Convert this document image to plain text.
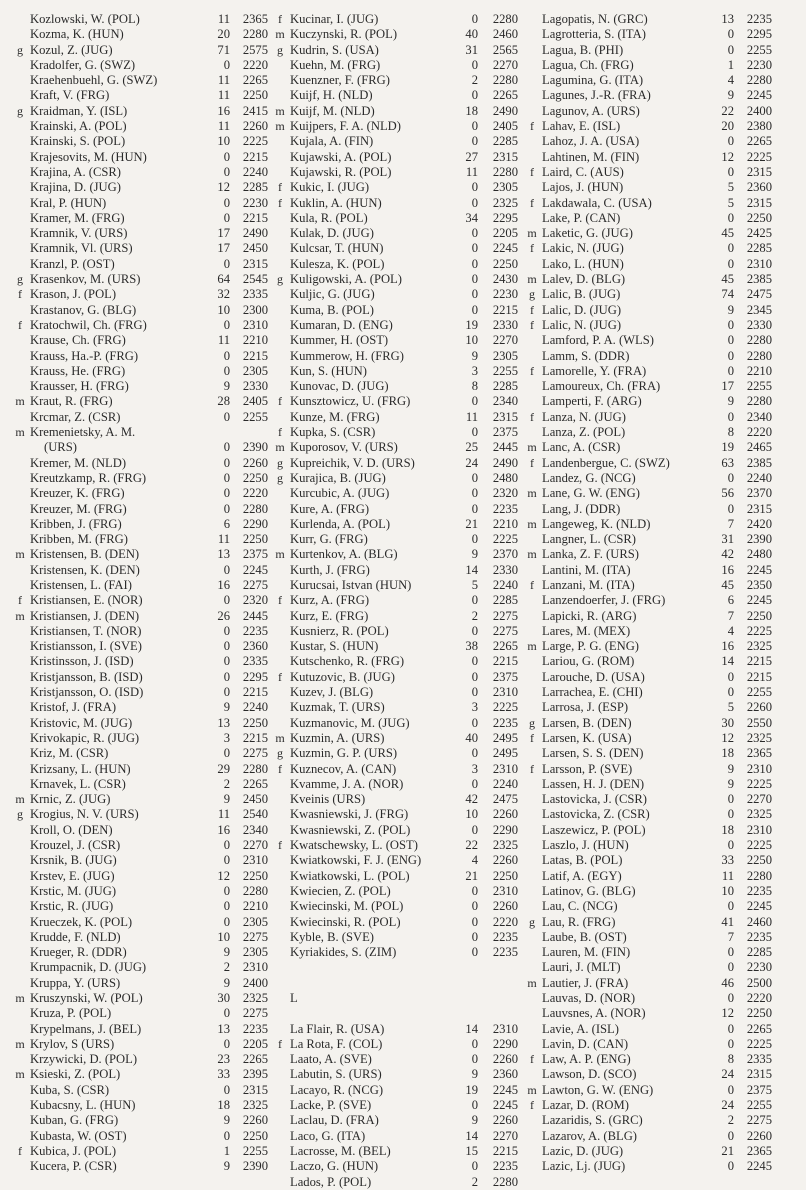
Kozlowski, W. (POL)	11	2365
Kozma, K. (HUN)	20	2280
g Kozul, Z. (JUG)	71	2575
Kradolfer, G. (SWZ)	0	2220
Kraehenbuehl, G. (SWZ)	11	2265
Kraft, V. (FRG)	11	2250
g Kraidman, Y. (ISL)	16	2415
Krainski, A. (POL)	11	2260
Krainski, S. (POL)	10	2225
Krajesovits, M. (HUN)	0	2215
Krajina, A. (CSR)	0	2240
Krajina, D. (JUG)	12	2285
Kral, P. (HUN)	0	2230
Kramer, M. (FRG)	0	2215
Kramnik, V. (URS)	17	2490
Kramnik, Vl. (URS)	17	2450
Kranzl, P. (OST)	0	2315
g Krasenkov, M. (URS)	64	2545
f Krason, J. (POL)	32	2335
Krastanov, G. (BLG)	10	2300
f Kratochwil, Ch. (FRG)	0	2310
Krause, Ch. (FRG)	11	2210
Krauss, Ha.-P. (FRG)	0	2215
Krauss, He. (FRG)	0	2305
Krausser, H. (FRG)	9	2330
m Kraut, R. (FRG)	28	2405
Krcmar, Z. (CSR)	0	2255
m Kremenietsky, A. M.
(URS)	0	2390
Kremer, M. (NLD)	0	2260
Kreutzkamp, R. (FRG)	0	2250
Kreuzer, K. (FRG)	0	2220
Kreuzer, M. (FRG)	0	2280
Kribben, J. (FRG)	6	2290
Kribben, M. (FRG)	11	2250
m Kristensen, B. (DEN)	13	2375
Kristensen, K. (DEN)	0	2245
Kristensen, L. (FAI)	16	2275
f Kristiansen, E. (NOR)	0	2320
m Kristiansen, J. (DEN)	26	2445
Kristiansen, T. (NOR)	0	2235
Kristiansson, I. (SVE)	0	2360
Kristinsson, J. (ISD)	0	2335
Kristjansson, B. (ISD)	0	2295
Kristjansson, O. (ISD)	0	2215
Kristof, J. (FRA)	9	2240
Kristovic, M. (JUG)	13	2250
Krivokapic, R. (JUG)	3	2215
Kriz, M. (CSR)	0	2275
Krizsany, L. (HUN)	29	2280
Krnavek, L. (CSR)	2	2265
m Krnic, Z. (JUG)	9	2450
g Krogius, N. V. (URS)	11	2540
Kroll, O. (DEN)	16	2340
Krouzel, J. (CSR)	0	2270
Krsnik, B. (JUG)	0	2310
Krstev, E. (JUG)	12	2250
Krstic, M. (JUG)	0	2280
Krstic, R. (JUG)	0	2210
Krueczek, K. (POL)	0	2305
Krudde, F. (NLD)	10	2275
Krueger, R. (DDR)	9	2305
Krumpacnik, D. (JUG)	2	2310
Kruppa, Y. (URS)	9	2400
m Kruszynski, W. (POL)	30	2325
Kruza, P. (POL)	0	2275
Krypelmans, J. (BEL)	13	2235
m Krylov, S (URS)	0	2205
Krzywicki, D. (POL)	23	2265
m Ksieski, Z. (POL)	33	2395
Kuba, S. (CSR)	0	2315
Kubacsny, L. (HUN)	18	2325
Kuban, G. (FRG)	9	2260
Kubasta, W. (OST)	0	2250
f Kubica, J. (POL)	1	2255
Kucera, P. (CSR)	9	2390
f Kucinar, I. (JUG)	0	2280
m Kuczynski, R. (POL)	40	2460
g Kudrin, S. (USA)	31	2565
Kuehn, M. (FRG)	0	2270
Kuenzner, F. (FRG)	2	2280
Kuijf, H. (NLD)	0	2265
m Kuijf, M. (NLD)	18	2490
m Kuijpers, F. A. (NLD)	0	2405
Kujala, A. (FIN)	0	2285
Kujawski, A. (POL)	27	2315
Kujawski, R. (POL)	11	2280
f Kukic, I. (JUG)	0	2305
f Kuklin, A. (HUN)	0	2325
Kula, R. (POL)	34	2295
Kulak, D. (JUG)	0	2205
Kulcsar, T. (HUN)	0	2245
Kulesza, K. (POL)	0	2250
g Kuligowski, A. (POL)	0	2430
Kuljic, G. (JUG)	0	2230
Kuma, B. (POL)	0	2215
Kumaran, D. (ENG)	19	2330
Kummer, H. (OST)	10	2270
Kummerow, H. (FRG)	9	2305
Kun, S. (HUN)	3	2255
Kunovac, D. (JUG)	8	2285
f Kunsztowicz, U. (FRG)	0	2340
Kunze, M. (FRG)	11	2315
f Kupka, S. (CSR)	0	2375
m Kuporosov, V. (URS)	25	2445
g Kupreichik, V. D. (URS)	24	2490
g Kurajica, B. (JUG)	0	2480
Kurcubic, A. (JUG)	0	2320
Kure, A. (FRG)	0	2235
Kurlenda, A. (POL)	21	2210
Kurr, G. (FRG)	0	2225
m Kurtenkov, A. (BLG)	9	2370
Kurth, J. (FRG)	14	2330
Kurucsai, Istvan (HUN)	5	2240
f Kurz, A. (FRG)	0	2285
Kurz, E. (FRG)	2	2275
Kusnierz, R. (POL)	0	2275
Kustar, S. (HUN)	38	2265
Kutschenko, R. (FRG)	0	2215
f Kutuzovic, B. (JUG)	0	2375
Kuzev, J. (BLG)	0	2310
Kuzmak, T. (URS)	3	2225
Kuzmanovic, M. (JUG)	0	2235
m Kuzmin, A. (URS)	40	2495
g Kuzmin, G. P. (URS)	0	2495
f Kuznecov, A. (CAN)	3	2310
Kvamme, J. A. (NOR)	0	2240
Kveinis (URS)	42	2475
Kwasniewski, J. (FRG)	10	2260
Kwasniewski, Z. (POL)	0	2290
f Kwatschewsky, L. (OST)	22	2325
Kwiatkowski, F. J. (ENG)	4	2260
Kwiatkowski, L. (POL)	21	2250
Kwiecien, Z. (POL)	0	2310
Kwiecinski, M. (POL)	0	2260
Kwiecinski, R. (POL)	0	2220
Kyble, B. (SVE)	0	2235
Kyriakides, S. (ZIM)	0	2235
L
La Flair, R. (USA)	14	2310
f La Rota, F. (COL)	0	2290
Laato, A. (SVE)	0	2260
Labutin, S. (URS)	9	2360
Lacayo, R. (NCG)	19	2245
Lacke, P. (SVE)	0	2245
Laclau, D. (FRA)	9	2260
Laco, G. (ITA)	14	2270
Lacrosse, M. (BEL)	15	2215
Laczo, G. (HUN)	0	2235
Lados, P. (POL)	2	2280
Lagopatis, N. (GRC)	13	2235
Lagrotteria, S. (ITA)	0	2295
Lagua, B. (PHI)	0	2255
Lagua, Ch. (FRG)	1	2230
Lagumina, G. (ITA)	4	2280
Lagunes, J.-R. (FRA)	9	2245
Lagunov, A. (URS)	22	2400
f Lahav, E. (ISL)	20	2380
Lahoz, J. A. (USA)	0	2265
Lahtinen, M. (FIN)	12	2225
f Laird, C. (AUS)	0	2315
Lajos, J. (HUN)	5	2360
f Lakdawala, C. (USA)	5	2315
Lake, P. (CAN)	0	2250
m Laketic, G. (JUG)	45	2425
f Lakic, N. (JUG)	0	2285
Lako, L. (HUN)	0	2310
m Lalev, D. (BLG)	45	2385
g Lalic, B. (JUG)	74	2475
f Lalic, D. (JUG)	9	2345
f Lalic, N. (JUG)	0	2330
Lamford, P. A. (WLS)	0	2280
Lamm, S. (DDR)	0	2280
f Lamorelle, Y. (FRA)	0	2210
Lamoureux, Ch. (FRA)	17	2255
Lamperti, F. (ARG)	9	2280
f Lanza, N. (JUG)	0	2340
Lanza, Z. (POL)	8	2220
m Lanc, A. (CSR)	19	2465
f Landenbergue, C. (SWZ)	63	2385
Landez, G. (NCG)	0	2240
m Lane, G. W. (ENG)	56	2370
Lang, J. (DDR)	0	2315
m Langeweg, K. (NLD)	7	2420
Langner, L. (CSR)	31	2390
m Lanka, Z. F. (URS)	42	2480
Lantini, M. (ITA)	16	2245
f Lanzani, M. (ITA)	45	2350
Lanzendoerfer, J. (FRG)	6	2245
Lapicki, R. (ARG)	7	2250
Lares, M. (MEX)	4	2225
m Large, P. G. (ENG)	16	2325
Lariou, G. (ROM)	14	2215
Larouche, D. (USA)	0	2215
Larrachea, E. (CHI)	0	2255
Larrosa, J. (ESP)	5	2260
g Larsen, B. (DEN)	30	2550
f Larsen, K. (USA)	12	2325
Larsen, S. S. (DEN)	18	2365
f Larsson, P. (SVE)	9	2310
Lassen, H. J. (DEN)	9	2225
Lastovicka, J. (CSR)	0	2270
Lastovicka, Z. (CSR)	0	2325
Laszewicz, P. (POL)	18	2310
Laszlo, J. (HUN)	0	2225
Latas, B. (POL)	33	2250
Latif, A. (EGY)	11	2280
Latinov, G. (BLG)	10	2235
Lau, C. (NCG)	0	2245
g Lau, R. (FRG)	41	2460
Laube, B. (OST)	7	2235
Lauren, M. (FIN)	0	2285
Lauri, J. (MLT)	0	2230
m Lautier, J. (FRA)	46	2500
Lauvas, D. (NOR)	0	2220
Lauvsnes, A. (NOR)	12	2250
Lavie, A. (ISL)	0	2265
Lavin, D. (CAN)	0	2225
f Law, A. P. (ENG)	8	2335
Lawson, D. (SCO)	24	2315
m Lawton, G. W. (ENG)	0	2375
f Lazar, D. (ROM)	24	2255
Lazaridis, S. (GRC)	2	2275
Lazarov, A. (BLG)	0	2260
Lazic, D. (JUG)	21	2365
Lazic, Lj. (JUG)	0	2245
